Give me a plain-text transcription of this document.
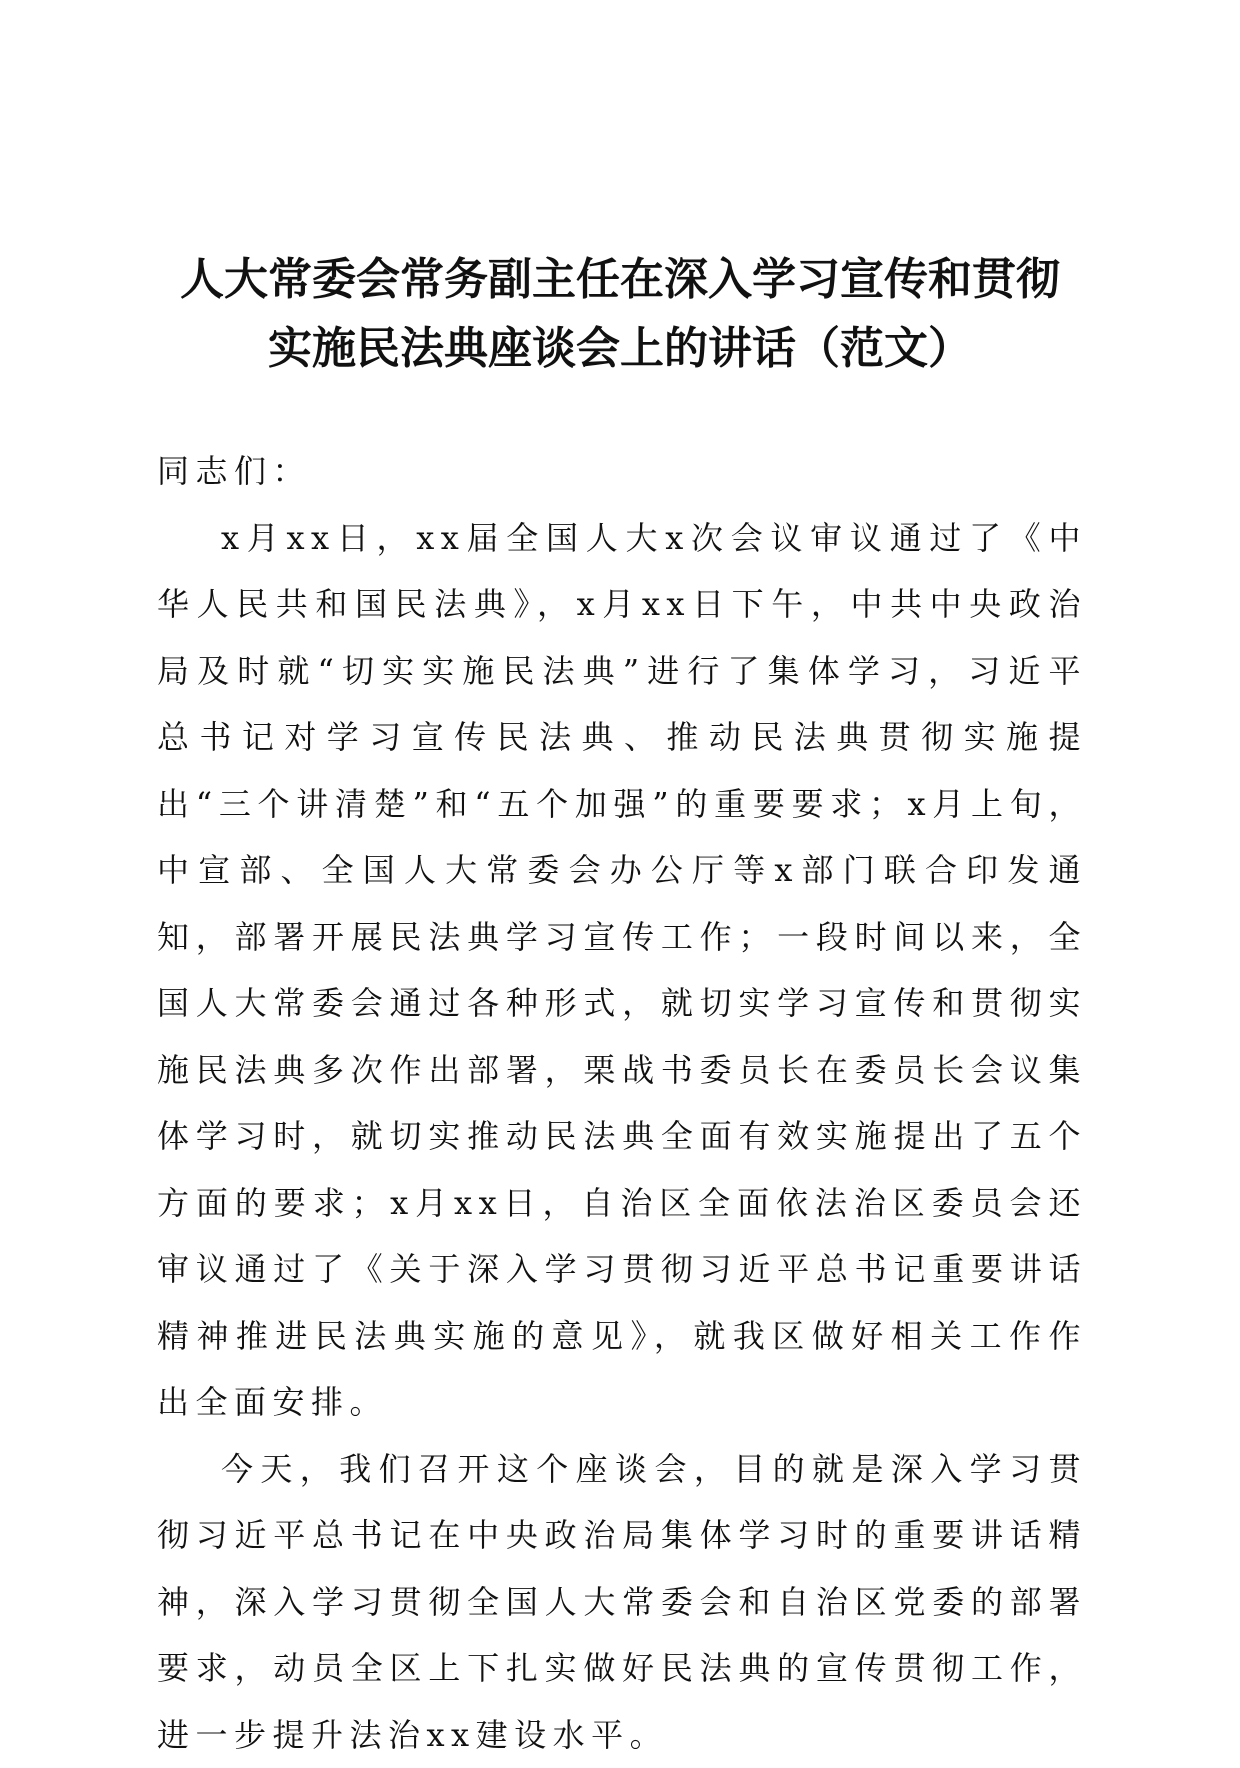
人大常委会常务副主任在深入学习宣传和贯彻
实施民法典座谈会上的讲话（范文）

同志们：

x月xx日，xx届全国人大x次会议审议通过了《中华人民共和国民法典》，x月xx日下午，中共中央政治局及时就“切实实施民法典”进行了集体学习，习近平总书记对学习宣传民法典、推动民法典贯彻实施提出“三个讲清楚”和“五个加强”的重要要求；x月上旬，中宣部、全国人大常委会办公厅等x部门联合印发通知，部署开展民法典学习宣传工作；一段时间以来，全国人大常委会通过各种形式，就切实学习宣传和贯彻实施民法典多次作出部署，栗战书委员长在委员长会议集体学习时，就切实推动民法典全面有效实施提出了五个方面的要求；x月xx日，自治区全面依法治区委员会还审议通过了《关于深入学习贯彻习近平总书记重要讲话精神推进民法典实施的意见》，就我区做好相关工作作出全面安排。

今天，我们召开这个座谈会，目的就是深入学习贯彻习近平总书记在中央政治局集体学习时的重要讲话精神，深入学习贯彻全国人大常委会和自治区党委的部署要求，动员全区上下扎实做好民法典的宣传贯彻工作，进一步提升法治xx建设水平。
